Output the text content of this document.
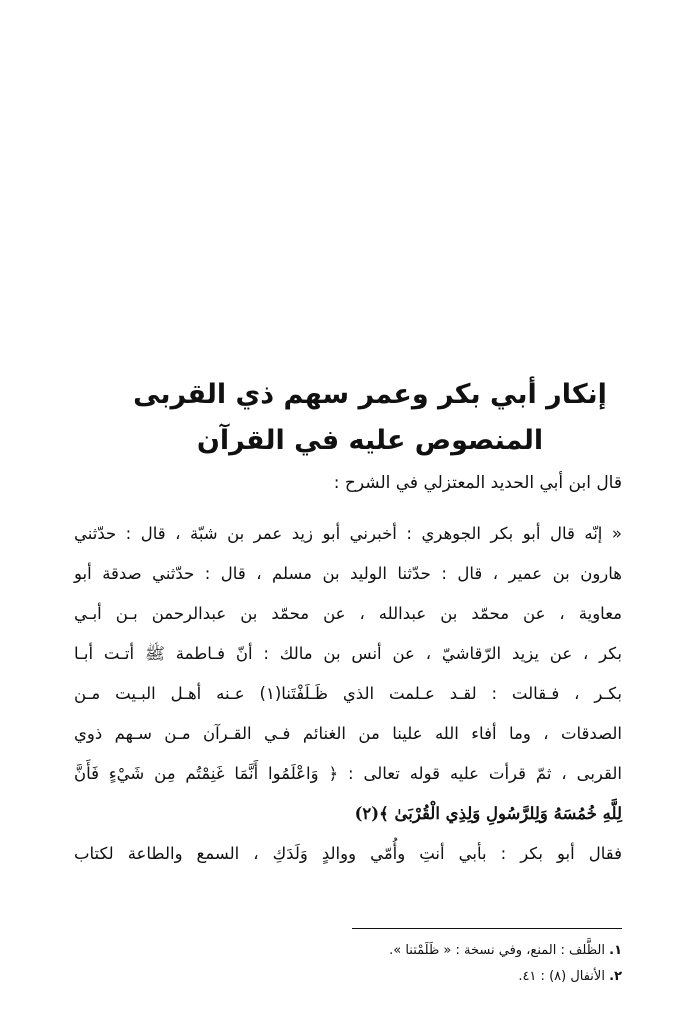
إنكار أبي بكر وعمر سهم ذي القربى
المنصوص عليه في القرآن
قال ابن أبي الحديد المعتزلي في الشرح :
« إنّه قال أبو بكر الجوهري : أخبرني أبو زيد عمر بن شبّة ، قال : حدّثني
هارون بن عمير ، قال : حدّثنا الوليد بن مسلم ، قال : حدّثني صدقة أبو
معاوية ، عن محمّد بن عبدالله ، عن محمّد بن عبدالرحمن بـن أبـي
بكر ، عن يزيد الرّقاشيّ ، عن أنس بن مالك : أنّ فـاطمة ﷺ أتـت أبـا
بكـر ، فـقالت : لقـد عـلمت الذي ظَـلَفْتَنا(١) عـنه أهـل البـيت مـن
الصدقات ، وما أفاء الله علينا من الغنائم فـي القـرآن مـن سـهم ذوي
القربى ، ثمّ قرأت عليه قوله تعالى : ﴿ وَاعْلَمُوا أَنَّمَا غَنِمْتُم مِن شَيْءٍ فَأَنَّ
لِلَّهِ خُمُسَهُ وَلِلرَّسُولِ وَلِذِي الْقُرْبَىٰ ﴾(٢)
فقال أبو بكر : بأبي أنتِ وأُمّي ووالدٍ وَلَدَكِ ، السمع والطاعة لكتاب
١. الظَّلف : المنع، وفي نسخة : « ظَلَمْتنا ».
٢. الأنفال (٨) : ٤١.
